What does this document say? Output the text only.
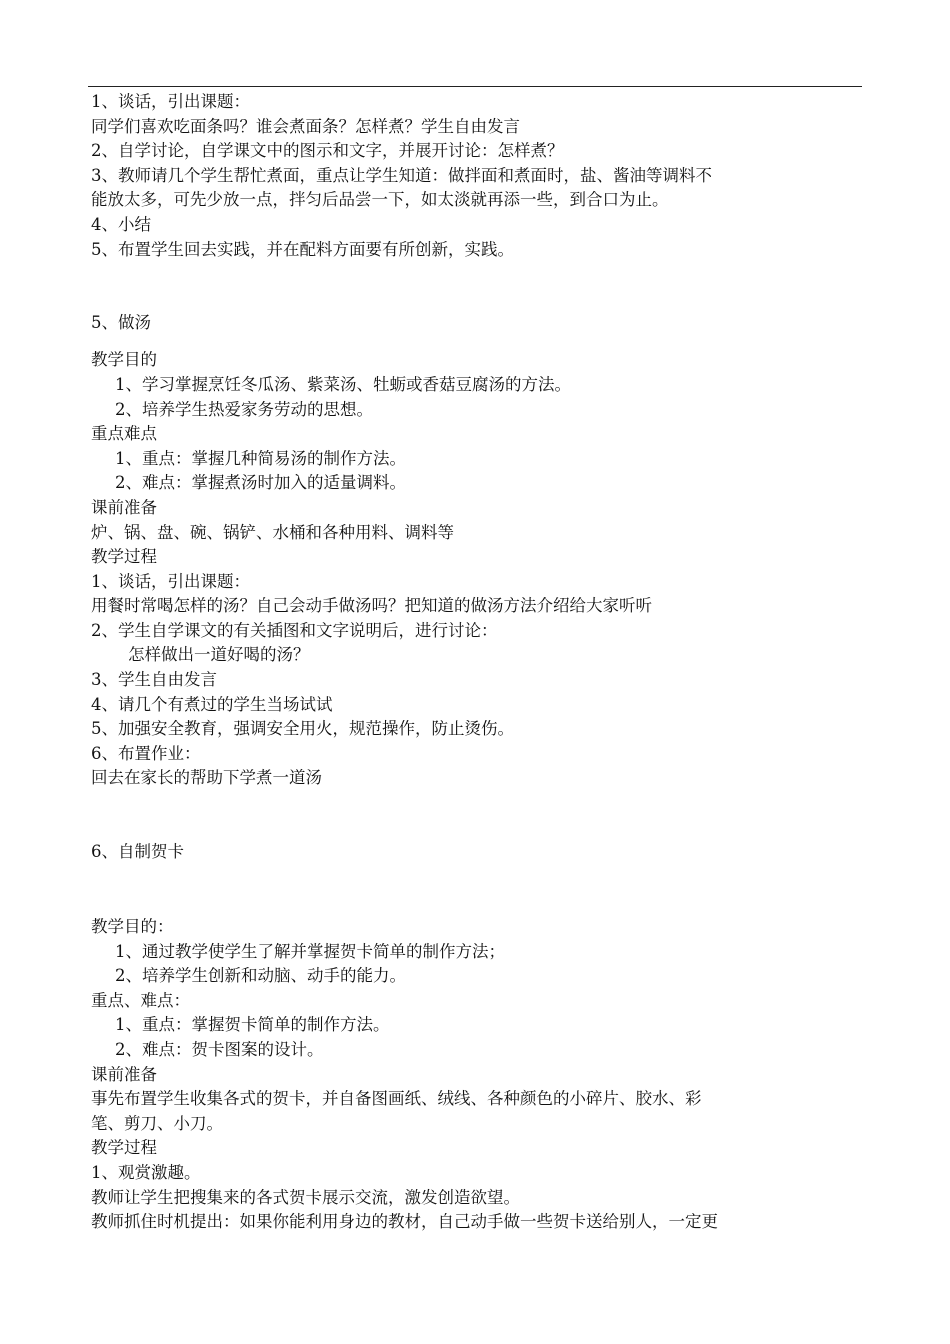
1、谈话，引出课题：
同学们喜欢吃面条吗？谁会煮面条？怎样煮？学生自由发言
2、自学讨论，自学课文中的图示和文字，并展开讨论：怎样煮？
3、教师请几个学生帮忙煮面，重点让学生知道：做拌面和煮面时，盐、酱油等调料不
能放太多，可先少放一点，拌匀后品尝一下，如太淡就再添一些，到合口为止。
4、小结
5、布置学生回去实践，并在配料方面要有所创新，实践。
5、做汤
教学目的
1、学习掌握烹饪冬瓜汤、紫菜汤、牡蛎或香菇豆腐汤的方法。
2、培养学生热爱家务劳动的思想。
重点难点
1、重点：掌握几种简易汤的制作方法。
2、难点：掌握煮汤时加入的适量调料。
课前准备
炉、锅、盘、碗、锅铲、水桶和各种用料、调料等
教学过程
1、谈话，引出课题：
用餐时常喝怎样的汤？自己会动手做汤吗？把知道的做汤方法介绍给大家听听
2、学生自学课文的有关插图和文字说明后，进行讨论：
怎样做出一道好喝的汤？
3、学生自由发言
4、请几个有煮过的学生当场试试
5、加强安全教育，强调安全用火，规范操作，防止烫伤。
6、布置作业：
回去在家长的帮助下学煮一道汤
6、自制贺卡
教学目的：
1、通过教学使学生了解并掌握贺卡简单的制作方法；
2、培养学生创新和动脑、动手的能力。
重点、难点：
1、重点：掌握贺卡简单的制作方法。
2、难点：贺卡图案的设计。
课前准备
事先布置学生收集各式的贺卡，并自备图画纸、绒线、各种颜色的小碎片、胶水、彩
笔、剪刀、小刀。
教学过程
1、观赏激趣。
教师让学生把搜集来的各式贺卡展示交流，激发创造欲望。
教师抓住时机提出：如果你能利用身边的教材，自己动手做一些贺卡送给别人，一定更
